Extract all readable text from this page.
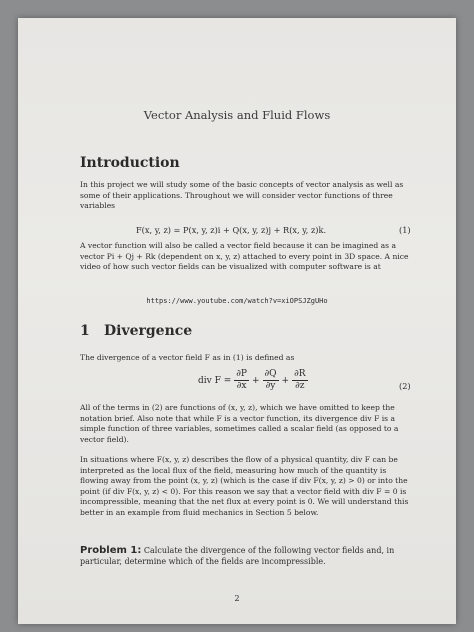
Vector Analysis and Fluid Flows
Introduction
In this project we will study some of the basic concepts of vector analysis as well as some of their applications. Throughout we will consider vector functions of three variables
F(x, y, z) = P(x, y, z)i + Q(x, y, z)j + R(x, y, z)k.	(1)
A vector function will also be called a vector field because it can be imagined as a vector Pi + Qj + Rk (dependent on x, y, z) attached to every point in 3D space. A nice video of how such vector fields can be visualized with computer software is at
https://www.youtube.com/watch?v=xiOPSJZgUHo
1 Divergence
The divergence of a vector field F as in (1) is defined as
div $F = \frac{\partial P}{\partial x} + \frac{\partial Q}{\partial y} + \frac{\partial R}{\partial z}$	(2)
All of the terms in (2) are functions of (x, y, z), which we have omitted to keep the notation brief. Also note that while F is a vector function, its divergence div F is a simple function of three variables, sometimes called a scalar field (as opposed to a vector field).
In situations where F(x, y, z) describes the flow of a physical quantity, div F can be interpreted as the local flux of the field, measuring how much of the quantity is flowing away from the point (x, y, z) (which is the case if div F(x, y, z) > 0) or into the point (if div F(x, y, z) < 0). For this reason we say that a vector field with div F = 0 is incompressible, meaning that the net flux at every point is 0. We will understand this better in an example from fluid mechanics in Section 5 below.
Problem 1: Calculate the divergence of the following vector fields and, in particular, determine which of the fields are incompressible.
2
